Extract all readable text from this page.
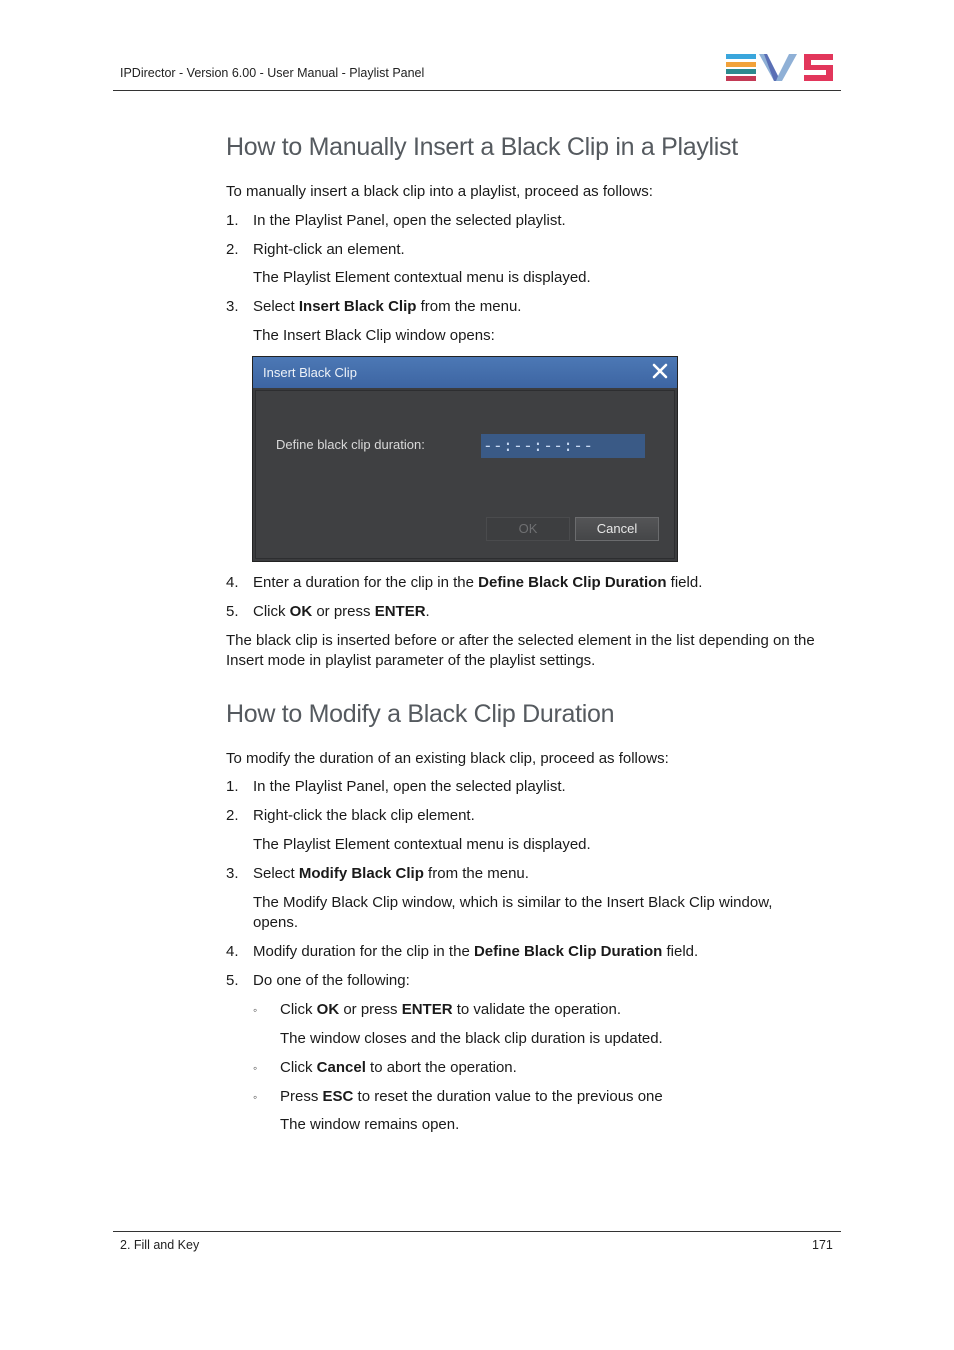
IPDirector - Version 6.00 - User Manual - Playlist Panel
How to Manually Insert a Black Clip in a Playlist
To manually insert a black clip into a playlist, proceed as follows:
1. In the Playlist Panel, open the selected playlist.
2. Right-click an element.
The Playlist Element contextual menu is displayed.
3. Select Insert Black Clip from the menu.
The Insert Black Clip window opens:
Insert Black Clip
Define black clip duration:	--:--:--:--
OK	Cancel
4. Enter a duration for the clip in the Define Black Clip Duration field.
5. Click OK or press ENTER.
The black clip is inserted before or after the selected element in the list depending on the
Insert mode in playlist parameter of the playlist settings.
How to Modify a Black Clip Duration
To modify the duration of an existing black clip, proceed as follows:
1. In the Playlist Panel, open the selected playlist.
2. Right-click the black clip element.
The Playlist Element contextual menu is displayed.
3. Select Modify Black Clip from the menu.
The Modify Black Clip window, which is similar to the Insert Black Clip window,
opens.
4. Modify duration for the clip in the Define Black Clip Duration field.
5. Do one of the following:
◦ Click OK or press ENTER to validate the operation.
The window closes and the black clip duration is updated.
◦ Click Cancel to abort the operation.
◦ Press ESC to reset the duration value to the previous one
The window remains open.
2. Fill and Key	171
